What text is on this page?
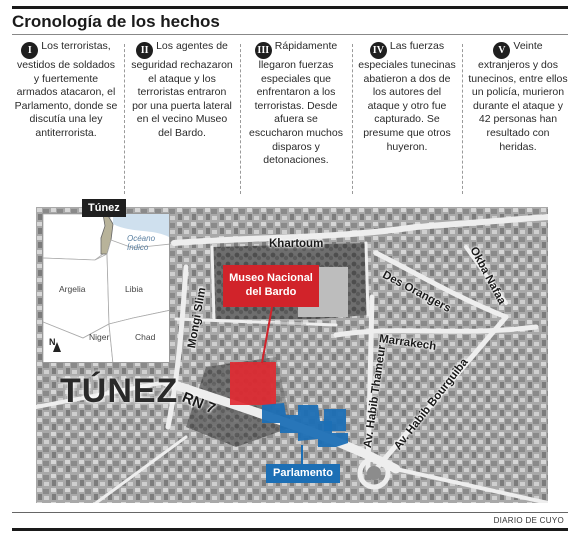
Cronología de los hechos
I Los terroristas, vestidos de soldados y fuertemente armados atacaron, el Parlamento, donde se discutía una ley antiterrorista.
II Los agentes de seguridad rechazaron el ataque y los terroristas entraron por una puerta lateral en el vecino Museo del Bardo.
III Rápidamente llegaron fuerzas especiales que enfrentaron a los terroristas. Desde afuera se escucharon muchos disparos y detonaciones.
IV Las fuerzas especiales tunecinas abatieron a dos de los autores del ataque y otro fue capturado. Se presume que otros huyeron.
V Veinte extranjeros y dos tunecinos, entre ellos un policía, murieron durante el ataque y 42 personas han resultado con heridas.
Océano Índico
Argelia	Libia
Niger	Chad
N
Túnez
Khartoum
Des Orangers Okba Nafaa
Mongi Slim	Marrakech
RN 7	Av. Habib Thameur Av. Habib Bourguiba
TÚNEZ
Museo Nacional del Bardo
Parlamento
DIARIO DE CUYO
